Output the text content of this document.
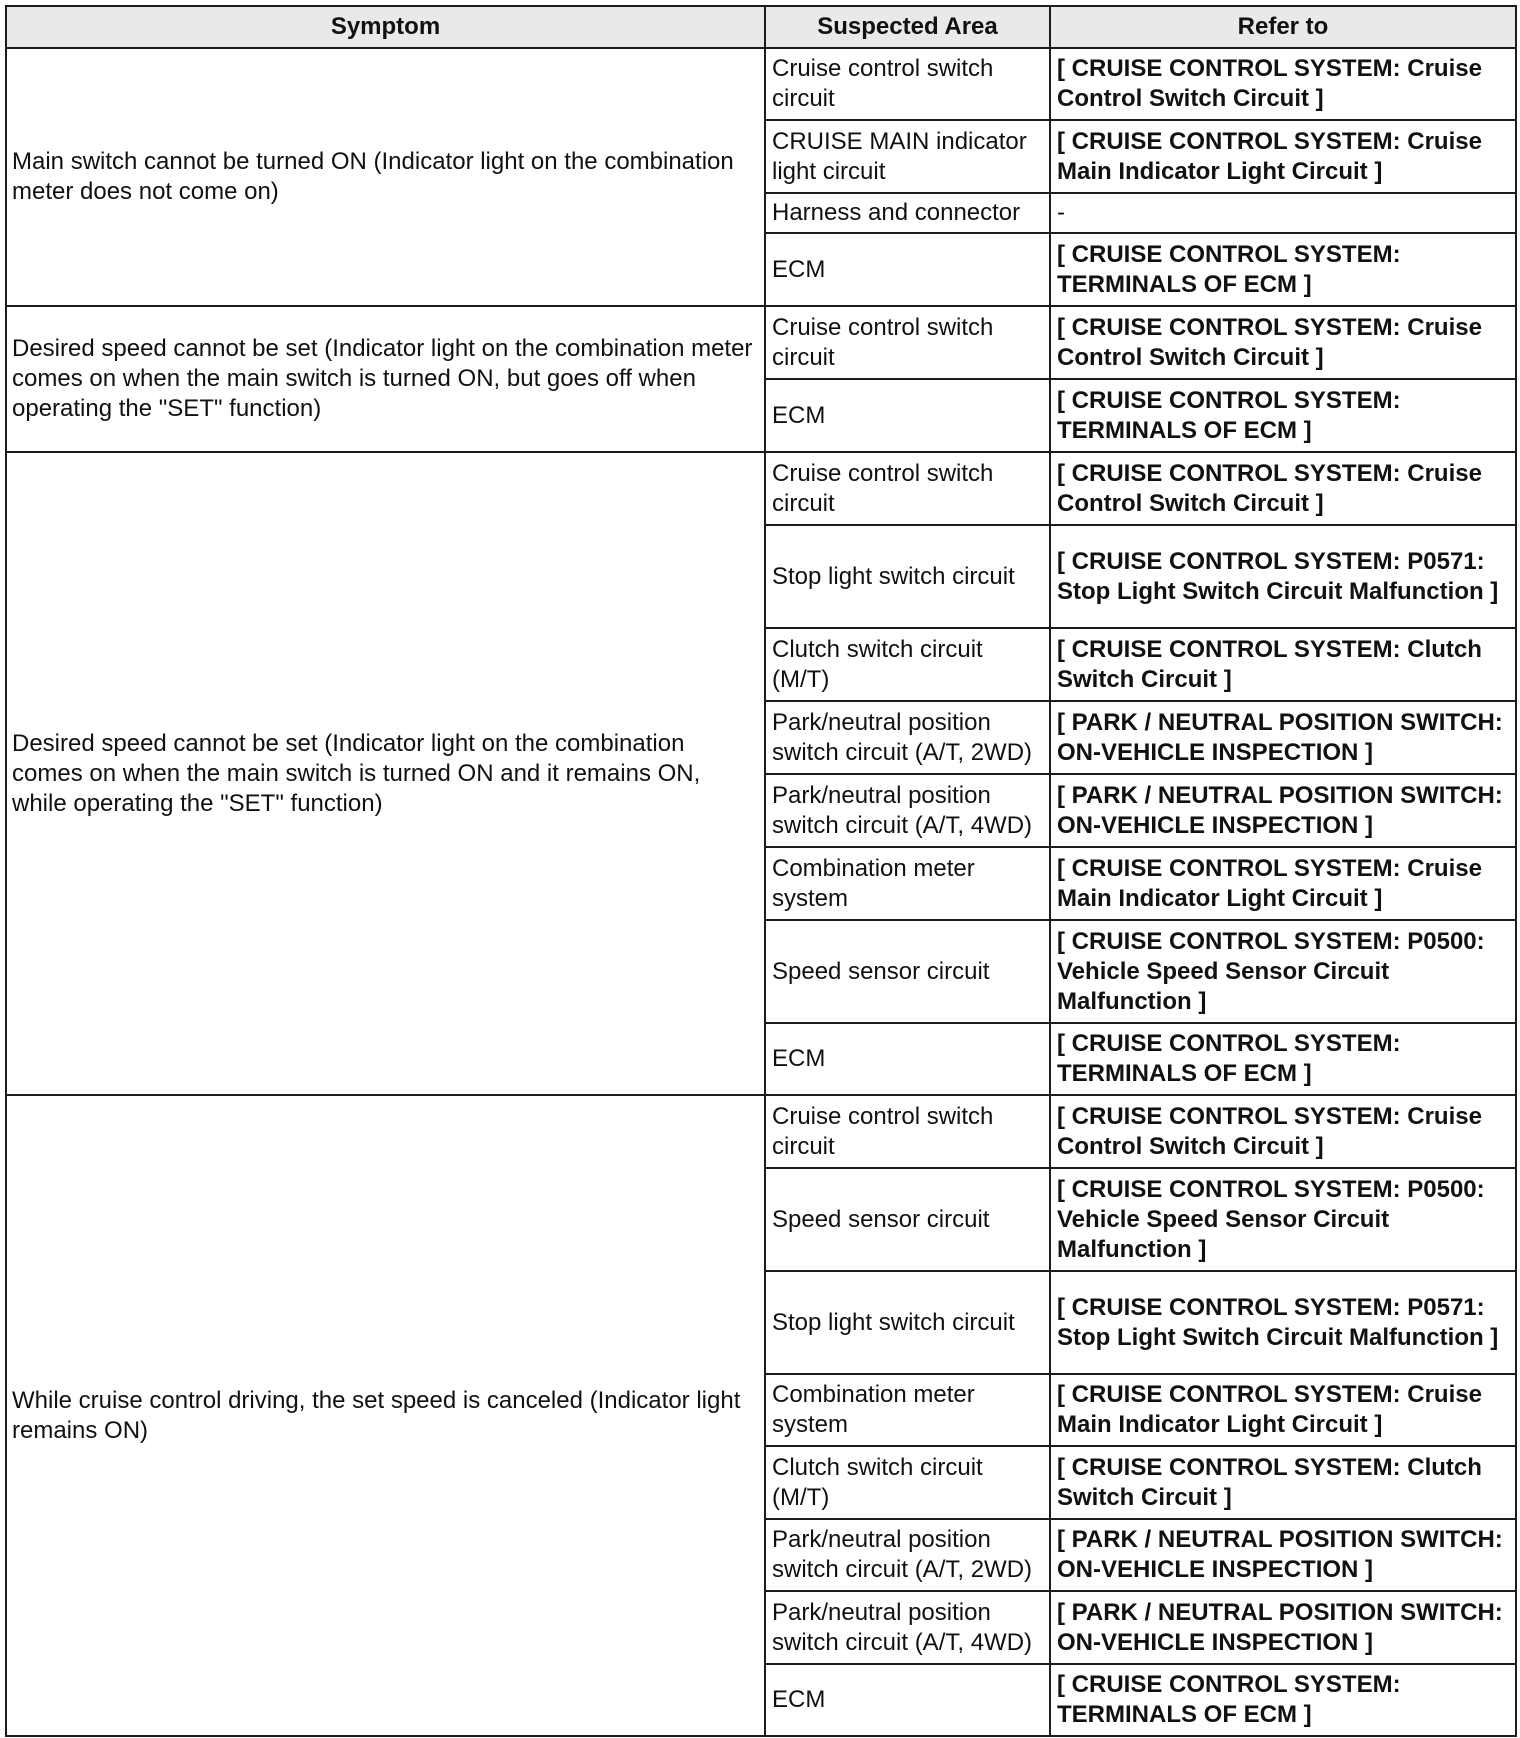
Symptom	Suspected Area	Refer to
Main switch cannot be turned ON (Indicator light on the combination meter does not come on)	Cruise control switch circuit	[ CRUISE CONTROL SYSTEM: Cruise Control Switch Circuit ]
	CRUISE MAIN indicator light circuit	[ CRUISE CONTROL SYSTEM: Cruise Main Indicator Light Circuit ]
	Harness and connector	-
	ECM	[ CRUISE CONTROL SYSTEM: TERMINALS OF ECM ]
Desired speed cannot be set (Indicator light on the combination meter comes on when the main switch is turned ON, but goes off when operating the "SET" function)	Cruise control switch circuit	[ CRUISE CONTROL SYSTEM: Cruise Control Switch Circuit ]
	ECM	[ CRUISE CONTROL SYSTEM: TERMINALS OF ECM ]
Desired speed cannot be set (Indicator light on the combination comes on when the main switch is turned ON and it remains ON, while operating the "SET" function)	Cruise control switch circuit	[ CRUISE CONTROL SYSTEM: Cruise Control Switch Circuit ]
	Stop light switch circuit	[ CRUISE CONTROL SYSTEM: P0571: Stop Light Switch Circuit Malfunction ]
	Clutch switch circuit (M/T)	[ CRUISE CONTROL SYSTEM: Clutch Switch Circuit ]
	Park/neutral position switch circuit (A/T, 2WD)	[ PARK / NEUTRAL POSITION SWITCH: ON-VEHICLE INSPECTION ]
	Park/neutral position switch circuit (A/T, 4WD)	[ PARK / NEUTRAL POSITION SWITCH: ON-VEHICLE INSPECTION ]
	Combination meter system	[ CRUISE CONTROL SYSTEM: Cruise Main Indicator Light Circuit ]
	Speed sensor circuit	[ CRUISE CONTROL SYSTEM: P0500: Vehicle Speed Sensor Circuit Malfunction ]
	ECM	[ CRUISE CONTROL SYSTEM: TERMINALS OF ECM ]
While cruise control driving, the set speed is canceled (Indicator light remains ON)	Cruise control switch circuit	[ CRUISE CONTROL SYSTEM: Cruise Control Switch Circuit ]
	Speed sensor circuit	[ CRUISE CONTROL SYSTEM: P0500: Vehicle Speed Sensor Circuit Malfunction ]
	Stop light switch circuit	[ CRUISE CONTROL SYSTEM: P0571: Stop Light Switch Circuit Malfunction ]
	Combination meter system	[ CRUISE CONTROL SYSTEM: Cruise Main Indicator Light Circuit ]
	Clutch switch circuit (M/T)	[ CRUISE CONTROL SYSTEM: Clutch Switch Circuit ]
	Park/neutral position switch circuit (A/T, 2WD)	[ PARK / NEUTRAL POSITION SWITCH: ON-VEHICLE INSPECTION ]
	Park/neutral position switch circuit (A/T, 4WD)	[ PARK / NEUTRAL POSITION SWITCH: ON-VEHICLE INSPECTION ]
	ECM	[ CRUISE CONTROL SYSTEM: TERMINALS OF ECM ]
